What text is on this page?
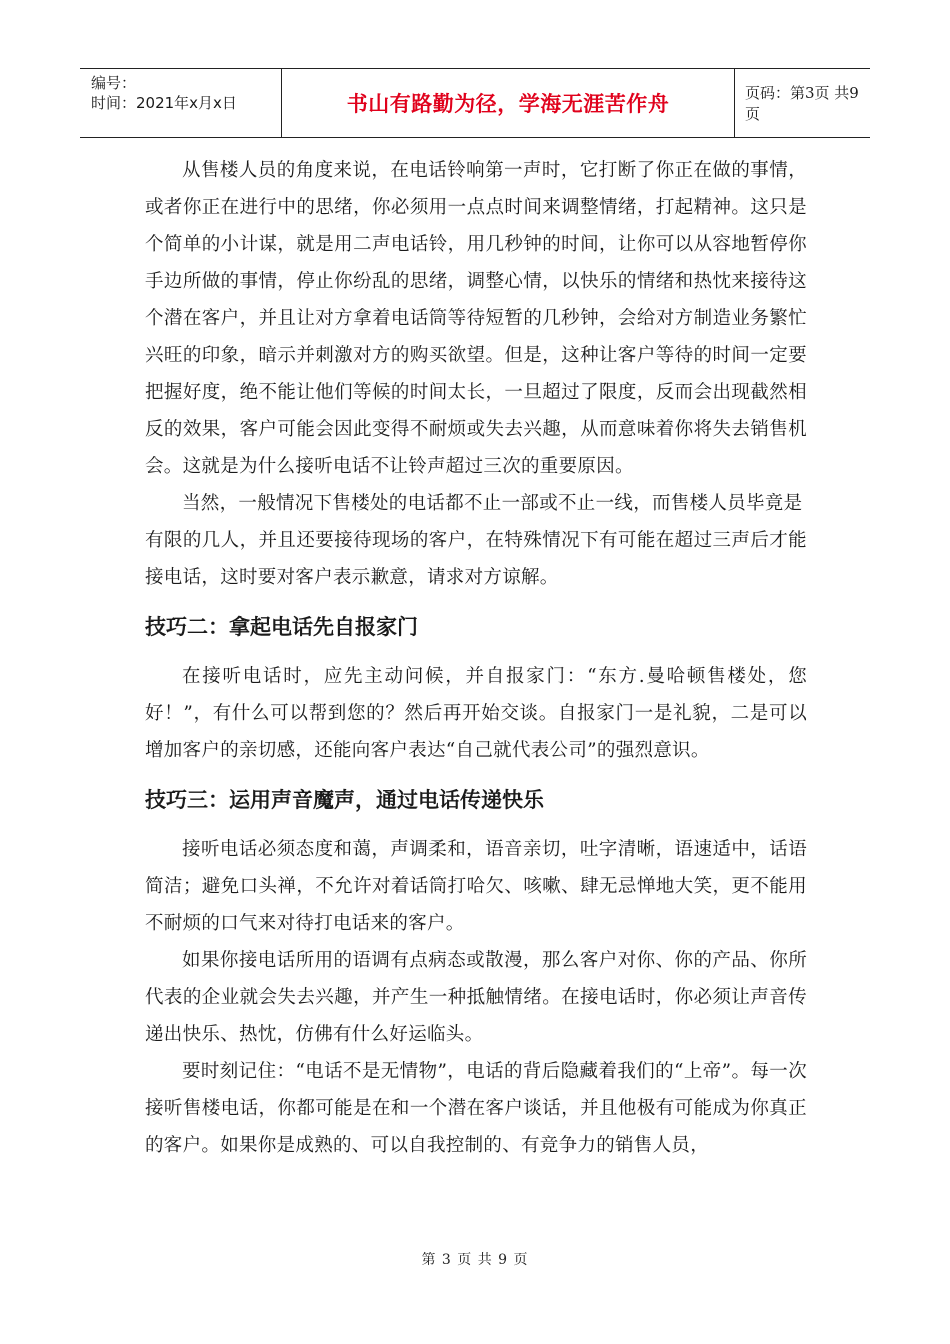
编号：
时间：2021年x月x日	书山有路勤为径，学海无涯苦作舟	页码：第3页 共9页

从售楼人员的角度来说，在电话铃响第一声时，它打断了你正在做的事情，或者你正在进行中的思绪，你必须用一点点时间来调整情绪，打起精神。这只是个简单的小计谋，就是用二声电话铃，用几秒钟的时间，让你可以从容地暂停你手边所做的事情，停止你纷乱的思绪，调整心情，以快乐的情绪和热忱来接待这个潜在客户，并且让对方拿着电话筒等待短暂的几秒钟，会给对方制造业务繁忙兴旺的印象，暗示并刺激对方的购买欲望。但是，这种让客户等待的时间一定要把握好度，绝不能让他们等候的时间太长，一旦超过了限度，反而会出现截然相反的效果，客户可能会因此变得不耐烦或失去兴趣，从而意味着你将失去销售机会。这就是为什么接听电话不让铃声超过三次的重要原因。

当然，一般情况下售楼处的电话都不止一部或不止一线，而售楼人员毕竟是

有限的几人，并且还要接待现场的客户，在特殊情况下有可能在超过三声后才能接电话，这时要对客户表示歉意，请求对方谅解。

技巧二：拿起电话先自报家门

在接听电话时，应先主动问候，并自报家门：“东方.曼哈顿售楼处，您好！”，有什么可以帮到您的？然后再开始交谈。自报家门一是礼貌，二是可以增加客户的亲切感，还能向客户表达“自己就代表公司”的强烈意识。

技巧三：运用声音魔声，通过电话传递快乐

接听电话必须态度和蔼，声调柔和，语音亲切，吐字清晰，语速适中，话语简洁；避免口头禅，不允许对着话筒打哈欠、咳嗽、肆无忌惮地大笑，更不能用不耐烦的口气来对待打电话来的客户。

如果你接电话所用的语调有点病态或散漫，那么客户对你、你的产品、你所代表的企业就会失去兴趣，并产生一种抵触情绪。在接电话时，你必须让声音传递出快乐、热忱，仿佛有什么好运临头。

要时刻记住：“电话不是无情物”，电话的背后隐藏着我们的“上帝”。每一次接听售楼电话，你都可能是在和一个潜在客户谈话，并且他极有可能成为你真正的客户。如果你是成熟的、可以自我控制的、有竞争力的销售人员，

第 3 页 共 9 页
